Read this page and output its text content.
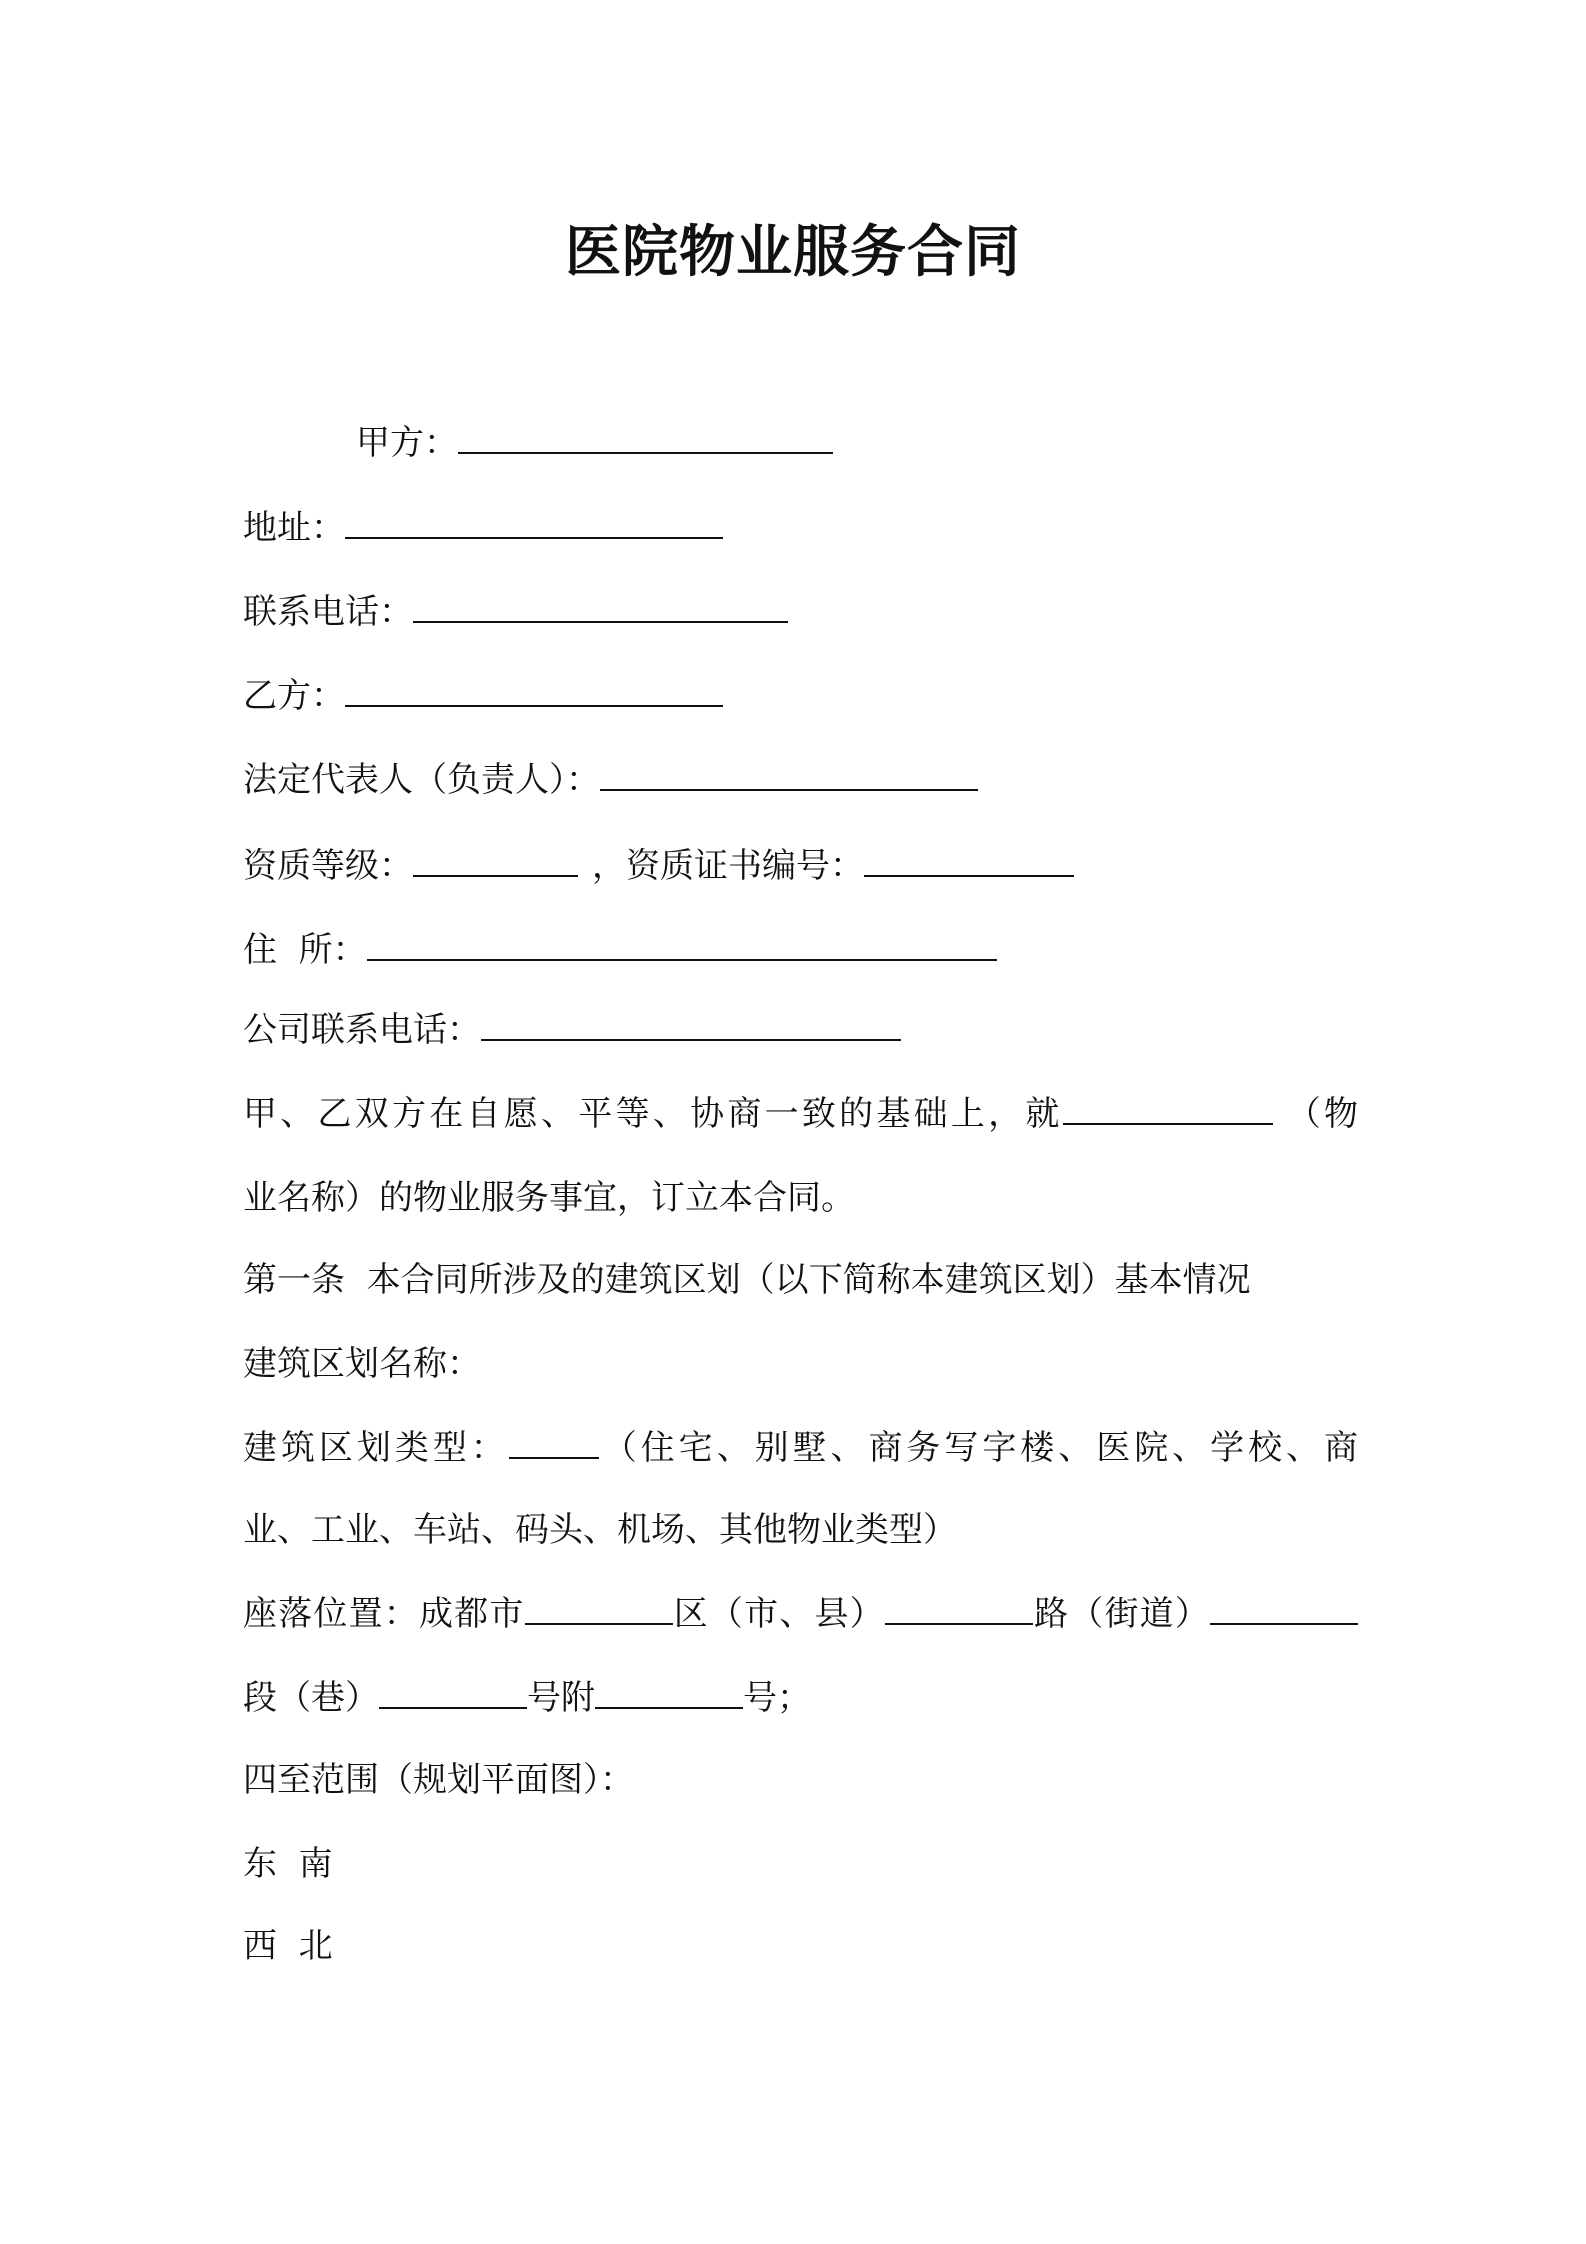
医院物业服务合同
甲方：
地址：
联系电话：
乙方：
法定代表人（负责人）：
资质等级：	，资质证书编号：
住  所：
公司联系电话：
甲、乙双方在自愿、平等、协商一致的基础上，就	（物
业名称）的物业服务事宜，订立本合同。
第一条  本合同所涉及的建筑区划（以下简称本建筑区划）基本情况
建筑区划名称：
建筑区划类型：	（住宅、别墅、商务写字楼、医院、学校、商
业、工业、车站、码头、机场、其他物业类型）
座落位置：成都市	区（市、县）	路（街道）
段（巷）	号附	号；
四至范围（规划平面图）：
东  南
西  北
